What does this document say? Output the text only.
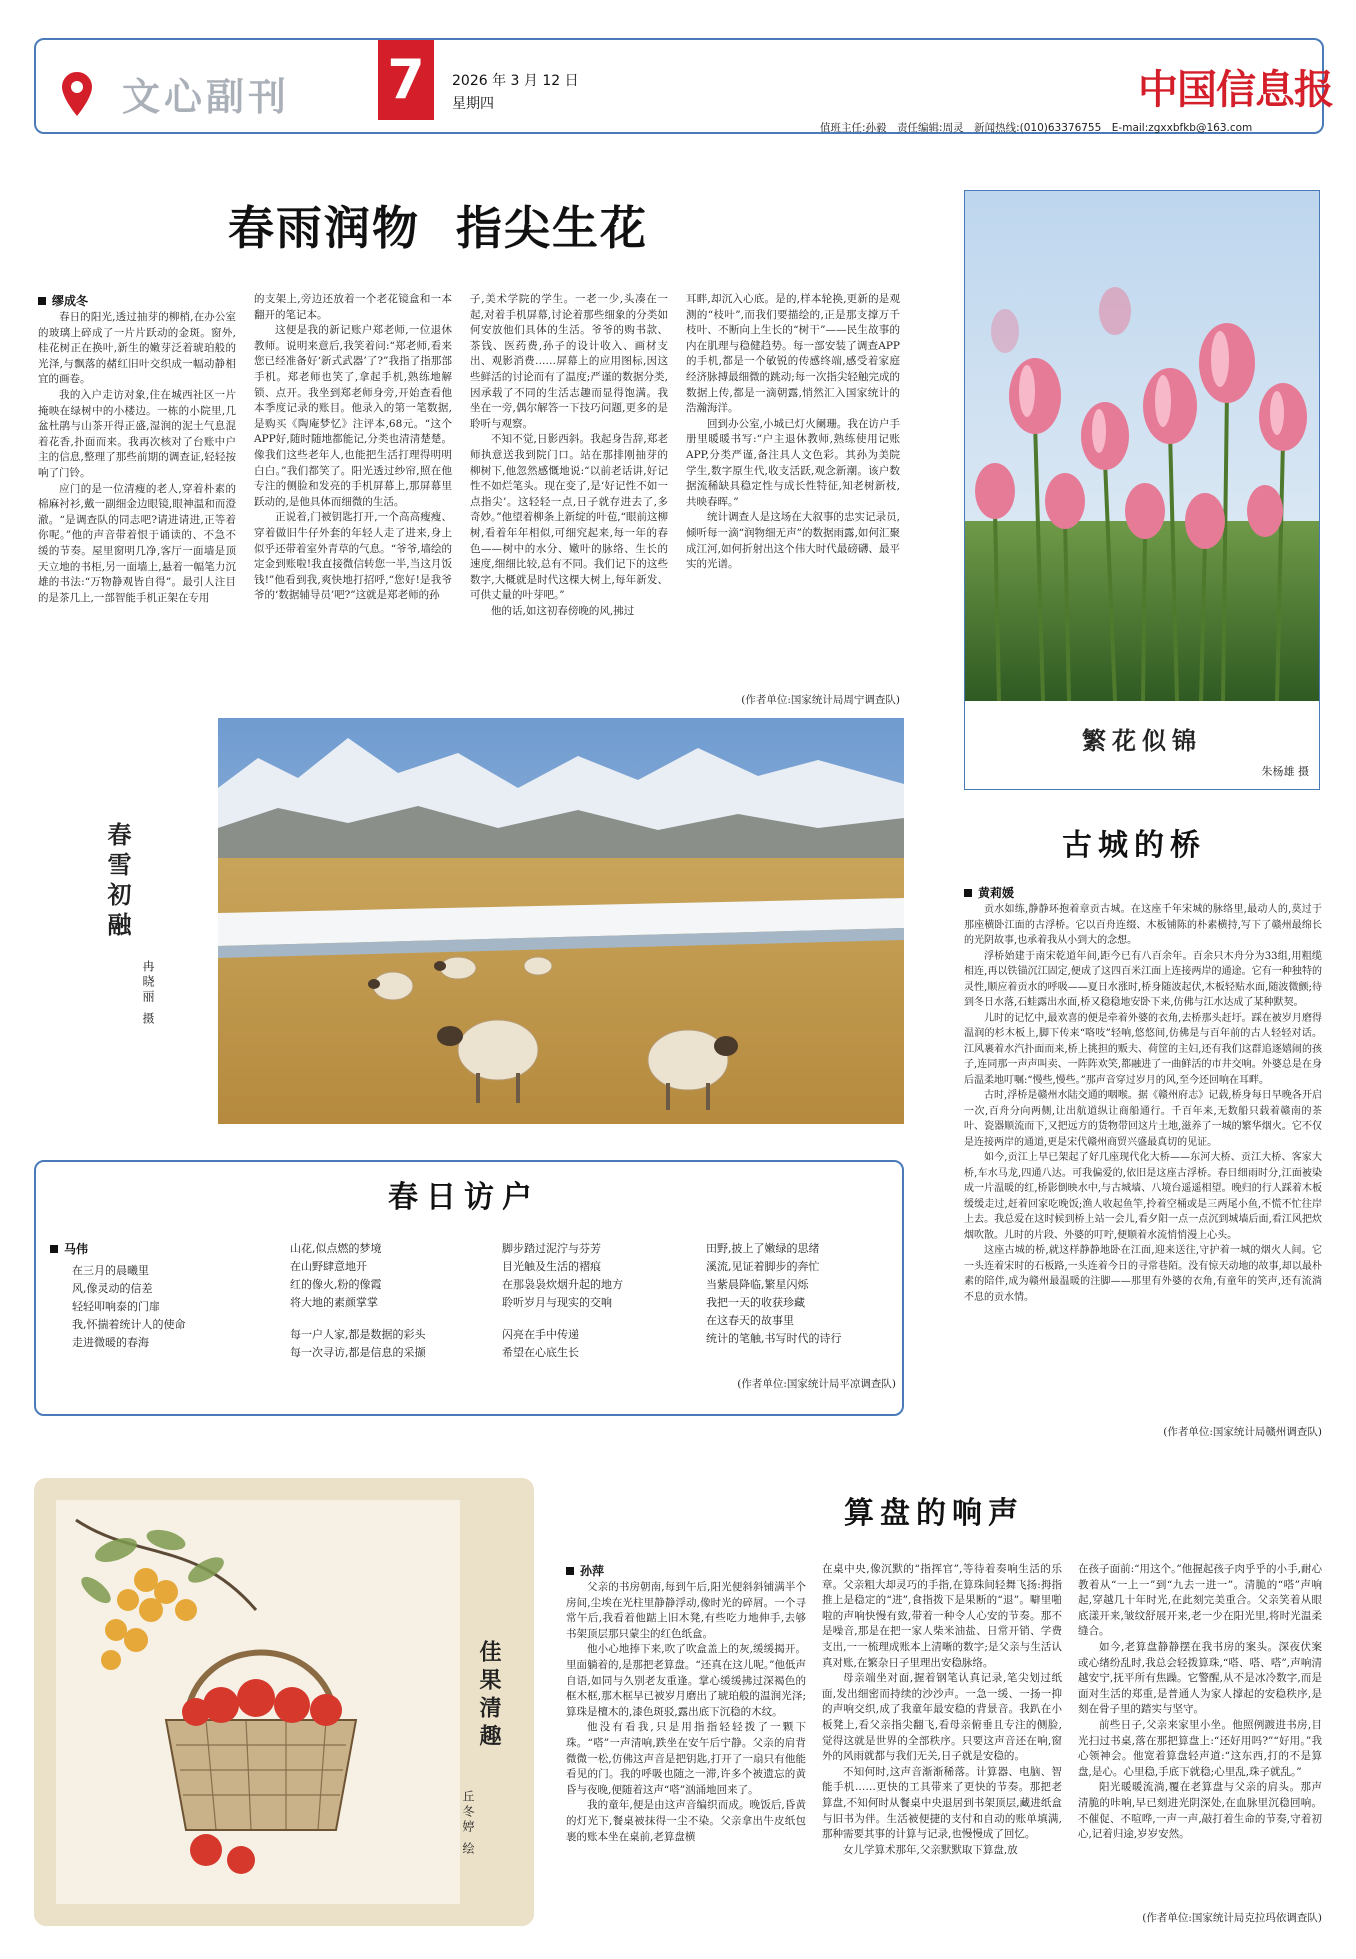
文心副刊 7	2026 年 3 月 12 日
星期四	中国信息报
值班主任:孙毅　责任编辑:周灵　新闻热线:(010)63376755　E-mail:zgxxbfkb@163.com
春雨润物  指尖生花
缪成冬

春日的阳光,透过抽芽的柳梢,在办公室的玻璃上碎成了一片片跃动的金斑。窗外,桂花树正在换叶,新生的嫩芽泛着琥珀般的光泽,与飘落的赭红旧叶交织成一幅动静相宜的画卷。

我的入户走访对象,住在城西社区一片掩映在绿树中的小楼边。一栋的小院里,几盆杜鹃与山茶开得正盛,湿润的泥土气息混着花香,扑面而来。我再次核对了台账中户主的信息,整理了那些前期的调查证,轻轻按响了门铃。

应门的是一位清瘦的老人,穿着朴素的棉麻衬衫,戴一副细金边眼镜,眼神温和而澄澈。“是调查队的同志吧?请进请进,正等着你呢。”他的声音带着恨于诵读的、不急不缓的节奏。屋里窗明几净,客厅一面墙是顶天立地的书柜,另一面墙上,悬着一幅笔力沉雄的书法:“万物静观皆自得”。最引人注目的是茶几上,一部智能手机正架在专用

的支架上,旁边还放着一个老花镜盒和一本翻开的笔记本。

这便是我的新记账户郑老师,一位退休教师。说明来意后,我笑着问:“郑老师,看来您已经准备好‘新式武器’了?”我指了指那部手机。郑老师也笑了,拿起手机,熟练地解锁、点开。我坐到郑老师身旁,开始查看他本季度记录的账目。他录入的第一笔数据,是购买《陶庵梦忆》注评本,68元。“这个APP好,随时随地都能记,分类也清清楚楚。像我们这些老年人,也能把生活打理得明明白白。”我们都笑了。阳光透过纱帘,照在他专注的侧脸和发亮的手机屏幕上,那屏幕里跃动的,是他具体而细微的生活。

正说着,门被钥匙打开,一个高高瘦瘦、穿着做旧牛仔外套的年轻人走了进来,身上似乎还带着室外青草的气息。“爷爷,墙绘的定金到账啦!我直接微信转您一半,当这月饭钱!”他看到我,爽快地打招呼,“您好!是我爷爷的‘数据辅导员’吧?”这就是郑老师的孙

子,美术学院的学生。一老一少,头凑在一起,对着手机屏幕,讨论着那些细象的分类如何安放他们具体的生活。爷爷的购书款、茶钱、医药费,孙子的设计收入、画材支出、观影消费……屏幕上的应用图标,因这些鲜活的讨论而有了温度;严谨的数据分类,因承载了不同的生活志趣而显得饱满。我坐在一旁,偶尔解答一下技巧问题,更多的是聆听与观察。

不知不觉,日影西斜。我起身告辞,郑老师执意送我到院门口。站在那排刚抽芽的柳树下,他忽然感慨地说:“以前老话讲,好记性不如烂笔头。现在变了,是‘好记性不如一点指尖’。这轻轻一点,日子就存进去了,多奇妙。”他望着柳条上新绽的叶苞,“眼前这柳树,看着年年相似,可细究起来,每一年的春色——树中的水分、嫩叶的脉络、生长的速度,细细比较,总有不同。我们记下的这些数字,大概就是时代这棵大树上,每年新发、可供丈量的叶芽吧。”

他的话,如这初春傍晚的风,拂过

耳畔,却沉入心底。是的,样本轮换,更新的是观测的“枝叶”,而我们要描绘的,正是那支撑万千枝叶、不断向上生长的“树干”——民生故事的内在肌理与稳健趋势。每一部安装了调查APP的手机,都是一个敏锐的传感终端,感受着家庭经济脉搏最细微的跳动;每一次指尖轻触完成的数据上传,都是一滴朝露,悄然汇入国家统计的浩瀚海洋。

回到办公室,小城已灯火阑珊。我在访户手册里暖暖书写:“户主退休教师,熟练使用记账APP,分类严谨,备注具人文色彩。其孙为美院学生,数字原生代,收支活跃,观念新潮。该户数据流稀缺具稳定性与成长性特征,知老树新枝,共映春晖。”

统计调查人是这场在大叙事的忠实记录员,倾听每一滴“润物细无声”的数据雨露,如何汇聚成江河,如何折射出这个伟大时代最磅礴、最平实的光谱。

(作者单位:国家统计局周宁调查队)
繁花似锦
朱杨雄 摄
春雪初融
冉晓丽 摄
春日访户
马伟
在三月的晨曦里
风,像灵动的信差
轻轻叩响泰的门扉
我,怀揣着统计人的使命
走进微暖的春海
山花,似点燃的梦境
在山野肆意地开
红的像火,粉的像霞
将大地的素颜掌掌
每一户人家,都是数据的彩头
每一次寻访,都是信息的采撷
脚步踏过泥泞与芬芳
目光触及生活的褶痕
在那袅袅炊烟升起的地方
聆听岁月与现实的交响
闪亮在手中传递
希望在心底生长
田野,披上了嫩绿的思绪
溪流,见证着脚步的奔忙
当紫晨降临,繁星闪烁
我把一天的收获珍藏
在这春天的故事里
统计的笔触,书写时代的诗行
(作者单位:国家统计局平凉调查队)
古城的桥
黄莉媛

贡水如练,静静环抱着章贡古城。在这座千年宋城的脉络里,最动人的,莫过于那座横卧江面的古浮桥。它以百舟连缀、木板铺陈的朴素横持,写下了赣州最绵长的光阴故事,也承着我从小到大的念想。

浮桥始建于南宋乾道年间,距今已有八百余年。百余只木舟分为33组,用粗缆相连,再以铁锚沉江固定,便成了这四百米江面上连接两岸的通途。它有一种独特的灵性,顺应着贡水的呼吸——夏日水涨时,桥身随波起伏,木板轻贴水面,随波微颤;待到冬日水落,石蛙露出水面,桥又稳稳地安卧下来,仿佛与江水达成了某种默契。

儿时的记忆中,最欢喜的便是牵着外婆的衣角,去桥那头赶圩。踩在被岁月磨得温润的杉木板上,脚下传来“咯吱”轻响,悠悠间,仿佛是与百年前的古人轻轻对话。江风裹着水汽扑面而来,桥上挑担的贩夫、荷筐的主妇,还有我们这群追逐嬉闹的孩子,连同那一声声叫卖、一阵阵欢笑,都融进了一曲鲜活的市井交响。外婆总是在身后温柔地叮嘱:“慢些,慢些。”那声音穿过岁月的风,至今还回响在耳畔。

古时,浮桥是赣州水陆交通的咽喉。据《赣州府志》记载,桥身每日早晚各开启一次,百舟分向两侧,让出航道纵让商船通行。千百年来,无数船只载着赣南的茶叶、瓷器顺流而下,又把远方的货物带回这片土地,滋养了一城的繁华烟火。它不仅是连接两岸的通道,更是宋代赣州商贸兴盛最真切的见证。

如今,贡江上早已架起了好几座现代化大桥——东河大桥、贡江大桥、客家大桥,车水马龙,四通八达。可我偏爱的,依旧是这座古浮桥。春日细雨时分,江面被染成一片温暖的红,桥影倒映水中,与古城墙、八境台遥遥相望。晚归的行人踩着木板缓缓走过,赶着回家吃晚饭;渔人收起鱼竿,拎着空桶或是三两尾小鱼,不慌不忙往岸上去。我总爱在这时候到桥上站一会儿,看夕阳一点一点沉到城墙后面,看江风把炊烟吹散。儿时的片段、外婆的叮咛,便顺着水流悄悄漫上心头。

这座古城的桥,就这样静静地卧在江面,迎来送往,守护着一城的烟火人间。它一头连着宋时的石板路,一头连着今日的寻常巷陌。没有惊天动地的故事,却以最朴素的陪伴,成为赣州最温暖的注脚——那里有外婆的衣角,有童年的笑声,还有流淌不息的贡水情。

(作者单位:国家统计局赣州调查队)
佳果清趣
丘冬婷 绘
算盘的响声
孙萍

父亲的书房朝南,每到午后,阳光便斜斜铺满半个房间,尘埃在光柱里静静浮动,像时光的碎屑。一个寻常午后,我看着他踮上旧木凳,有些吃力地伸手,去够书架顶层那只蒙尘的红色纸盒。

他小心地捧下来,吹了吹盒盖上的灰,缓缓揭开。里面躺着的,是那把老算盘。“还真在这儿呢。”他低声自语,如同与久别老友重逢。掌心缓缓拂过深褐色的框木框,那木框早已被岁月磨出了琥珀般的温润光泽;算珠是檀木的,漆色斑驳,露出底下沉稳的木纹。

他没有看我,只是用指指轻轻拨了一颗下珠。“嗒”一声清响,跌坐在安午后宁静。父亲的肩背微微一松,仿佛这声音是把钥匙,打开了一扇只有他能看见的门。我的呼吸也随之一滞,许多个被遗忘的黄昏与夜晚,便随着这声“嗒”汹涌地回来了。

我的童年,便是由这声音编织而成。晚饭后,昏黄的灯光下,餐桌被抹得一尘不染。父亲拿出牛皮纸包裹的账本坐在桌前,老算盘横

在桌中央,像沉默的“指挥官”,等待着奏响生活的乐章。父亲粗大却灵巧的手指,在算珠间轻舞飞扬:拇指推上是稳定的“进”,食指拨下是果断的“退”。噼里啪啦的声响快慢有致,带着一种令人心安的节奏。那不是噪音,那是在把一家人柴米油盐、日常开销、学费支出,一一梳理成账本上清晰的数字;是父亲与生活认真对账,在繁杂日子里理出安稳脉络。

母亲端坐对面,握着钢笔认真记录,笔尖划过纸面,发出细密而持续的沙沙声。一急一缓、一扬一抑的声响交织,成了我童年最安稳的背景音。我趴在小板凳上,看父亲指尖翻飞,看母亲俯垂且专注的侧脸,觉得这就是世界的全部秩序。只要这声音还在响,窗外的风雨就都与我们无关,日子就是安稳的。

不知何时,这声音渐渐稀落。计算器、电脑、智能手机……更快的工具带来了更快的节奏。那把老算盘,不知何时从餐桌中央退居到书架顶层,藏进纸盒与旧书为伴。生活被便捷的支付和自动的账单填满,那种需要其事的计算与记录,也慢慢成了回忆。

女儿学算术那年,父亲默默取下算盘,放

在孩子面前:“用这个。”他握起孩子肉乎乎的小手,耐心教着从“一上一”到“九去一进一”。清脆的“嗒”声响起,穿越几十年时光,在此刻完美重合。父亲笑着从眼底漾开来,皱纹舒展开来,老一少在阳光里,将时光温柔缝合。

如今,老算盘静静摆在我书房的案头。深夜伏案或心绪纷乱时,我总会轻拨算珠,“嗒、嗒、嗒”,声响清越安宁,抚平所有焦躁。它警醒,从不是冰冷数字,而是面对生活的郑重,是普通人为家人撑起的安稳秩序,是刻在骨子里的踏实与坚守。

前些日子,父亲来家里小坐。他照例踱进书房,目光扫过书桌,落在那把算盘上:“还好用吗?”“好用。”我心领神会。他宽着算盘轻声道:“这东西,打的不是算盘,是心。心里稳,手底下就稳;心里乱,珠子就乱。”

阳光暖暖流淌,覆在老算盘与父亲的肩头。那声清脆的咔响,早已刻进光阴深处,在血脉里沉稳回响。不催促、不喧哗,一声一声,敲打着生命的节奏,守着初心,记着归途,岁岁安然。

(作者单位:国家统计局克拉玛依调查队)
